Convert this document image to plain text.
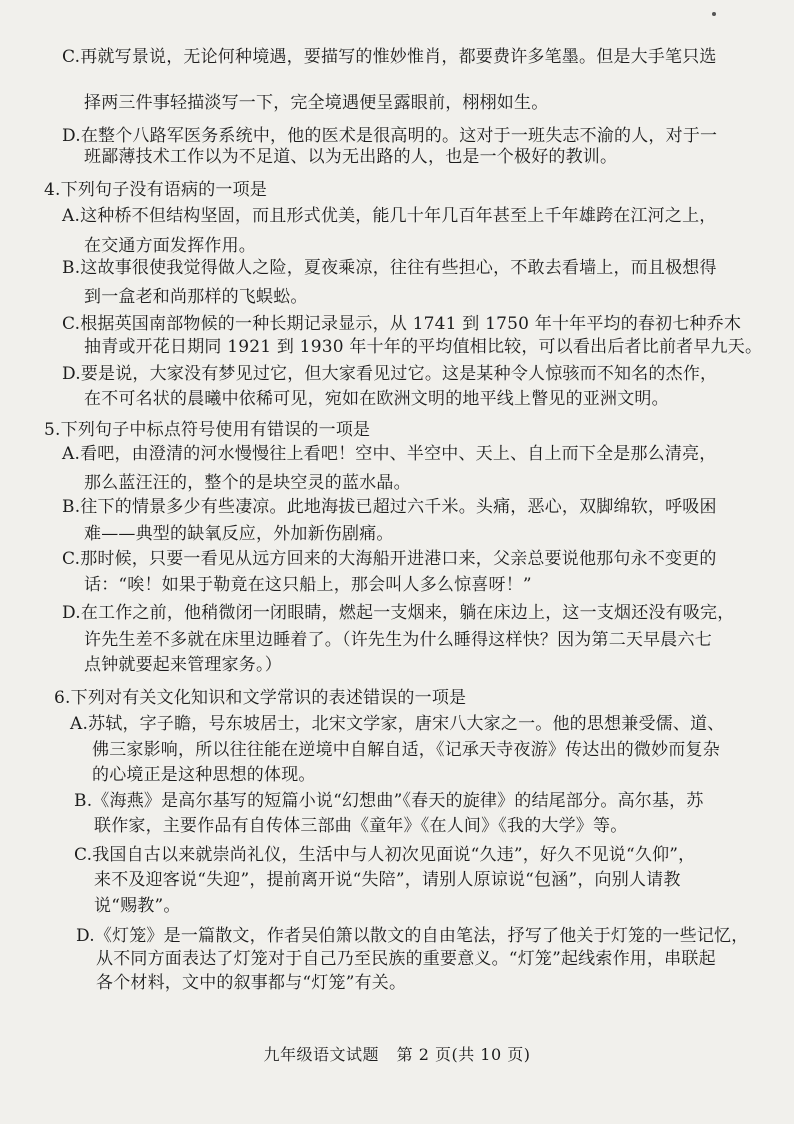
C.再就写景说，无论何种境遇，要描写的惟妙惟肖，都要费许多笔墨。但是大手笔只选
择两三件事轻描淡写一下，完全境遇便呈露眼前，栩栩如生。
D.在整个八路军医务系统中，他的医术是很高明的。这对于一班失志不渝的人，对于一
班鄙薄技术工作以为不足道、以为无出路的人，也是一个极好的教训。
4.下列句子没有语病的一项是
A.这种桥不但结构坚固，而且形式优美，能几十年几百年甚至上千年雄跨在江河之上，
在交通方面发挥作用。
B.这故事很使我觉得做人之险，夏夜乘凉，往往有些担心，不敢去看墙上，而且极想得
到一盒老和尚那样的飞蜈蚣。
C.根据英国南部物候的一种长期记录显示，从 1741 到 1750 年十年平均的春初七种乔木
抽青或开花日期同 1921 到 1930 年十年的平均值相比较，可以看出后者比前者早九天。
D.要是说，大家没有梦见过它，但大家看见过它。这是某种令人惊骇而不知名的杰作，
在不可名状的晨曦中依稀可见，宛如在欧洲文明的地平线上瞥见的亚洲文明。
5.下列句子中标点符号使用有错误的一项是
A.看吧，由澄清的河水慢慢往上看吧！空中、半空中、天上、自上而下全是那么清亮，
那么蓝汪汪的，整个的是块空灵的蓝水晶。
B.往下的情景多少有些凄凉。此地海拔已超过六千米。头痛，恶心，双脚绵软，呼吸困
难——典型的缺氧反应，外加新伤剧痛。
C.那时候，只要一看见从远方回来的大海船开进港口来，父亲总要说他那句永不变更的
话：“唉！如果于勒竟在这只船上，那会叫人多么惊喜呀！”
D.在工作之前，他稍微闭一闭眼睛，燃起一支烟来，躺在床边上，这一支烟还没有吸完，
许先生差不多就在床里边睡着了。（许先生为什么睡得这样快？因为第二天早晨六七
点钟就要起来管理家务。）
6.下列对有关文化知识和文学常识的表述错误的一项是
A.苏轼，字子瞻，号东坡居士，北宋文学家，唐宋八大家之一。他的思想兼受儒、道、
佛三家影响，所以往往能在逆境中自解自适，《记承天寺夜游》传达出的微妙而复杂
的心境正是这种思想的体现。
B.《海燕》是高尔基写的短篇小说“幻想曲”《春天的旋律》的结尾部分。高尔基，苏
联作家，主要作品有自传体三部曲《童年》《在人间》《我的大学》等。
C.我国自古以来就崇尚礼仪，生活中与人初次见面说“久违”，好久不见说“久仰”，
来不及迎客说“失迎”，提前离开说“失陪”，请别人原谅说“包涵”，向别人请教
说“赐教”。
D.《灯笼》是一篇散文，作者吴伯箫以散文的自由笔法，抒写了他关于灯笼的一些记忆，
从不同方面表达了灯笼对于自己乃至民族的重要意义。“灯笼”起线索作用，串联起
各个材料，文中的叙事都与“灯笼”有关。
九年级语文试题 第 2 页(共 10 页)
